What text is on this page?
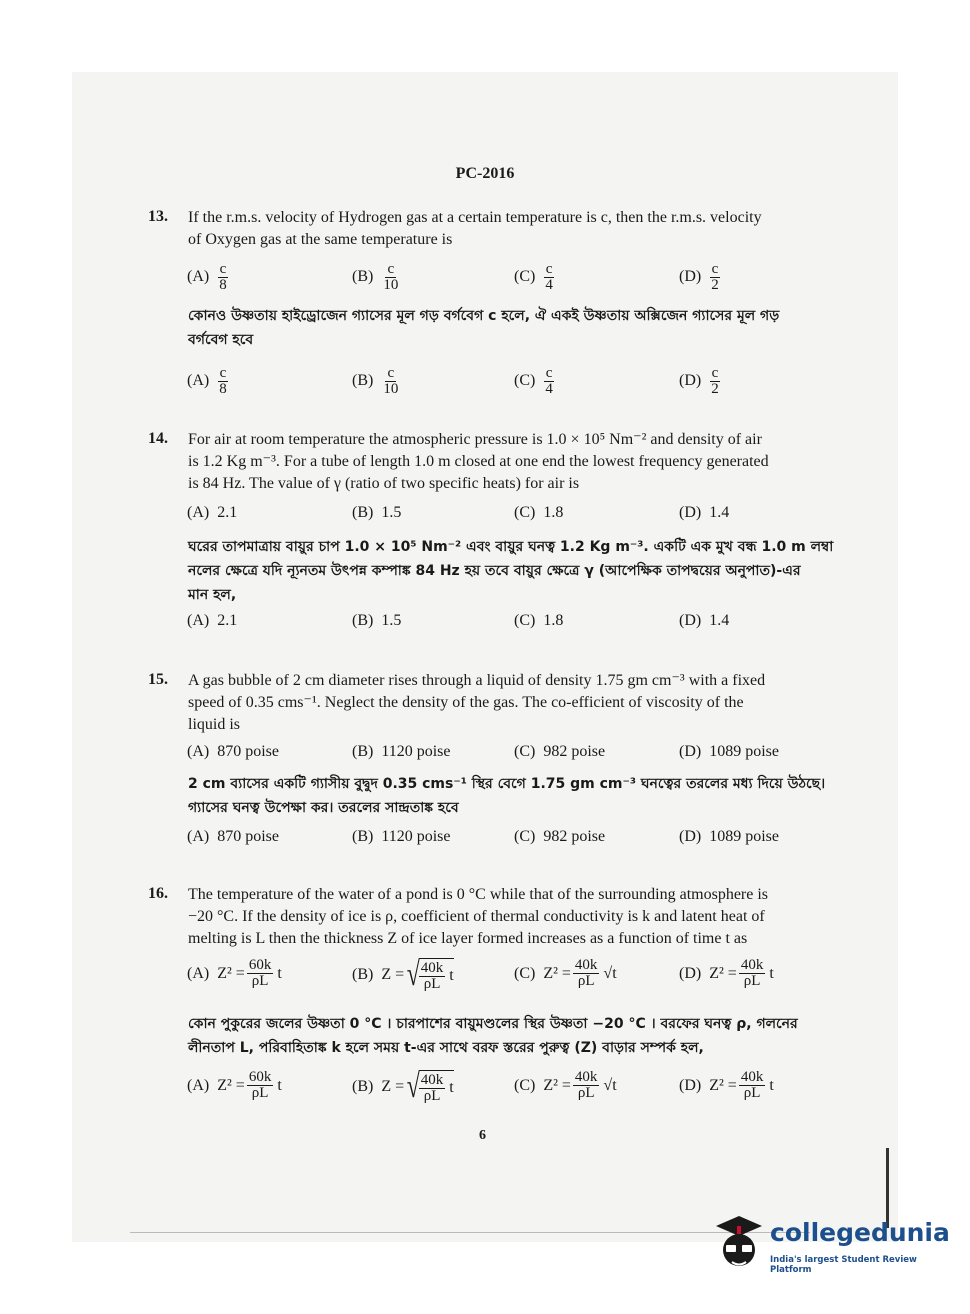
PC-2016
13. If the r.m.s. velocity of Hydrogen gas at a certain temperature is c, then the r.m.s. velocity
of Oxygen gas at the same temperature is
$(A) \frac{c}{8}$	$(B) \frac{c}{10}$	$(C) \frac{c}{4}$	$(D) \frac{c}{2}$
কোনও উষ্ণতায় হাইড্রোজেন গ্যাসের মূল গড় বর্গবেগ c হলে, ঐ একই উষ্ণতায় অক্সিজেন গ্যাসের মূল গড়
বর্গবেগ হবে
$(A) \frac{c}{8}$	$(B) \frac{c}{10}$	$(C) \frac{c}{4}$	$(D) \frac{c}{2}$
14. For air at room temperature the atmospheric pressure is 1.0 × 10⁵ Nm⁻² and density of air
is 1.2 Kg m⁻³. For a tube of length 1.0 m closed at one end the lowest frequency generated
is 84 Hz. The value of γ (ratio of two specific heats) for air is
(A) 2.1	(B) 1.5	(C) 1.8	(D) 1.4
ঘরের তাপমাত্রায় বায়ুর চাপ 1.0 × 10⁵ Nm⁻² এবং বায়ুর ঘনত্ব 1.2 Kg m⁻³. একটি এক মুখ বন্ধ 1.0 m লম্বা
নলের ক্ষেত্রে যদি ন্যূনতম উৎপন্ন কম্পাঙ্ক 84 Hz হয় তবে বায়ুর ক্ষেত্রে γ (আপেক্ষিক তাপদ্বয়ের অনুপাত)-এর
মান হল,
(A) 2.1	(B) 1.5	(C) 1.8	(D) 1.4
15. A gas bubble of 2 cm diameter rises through a liquid of density 1.75 gm cm⁻³ with a fixed
speed of 0.35 cms⁻¹. Neglect the density of the gas. The co-efficient of viscosity of the
liquid is
(A) 870 poise	(B) 1120 poise	(C) 982 poise	(D) 1089 poise
2 cm ব্যাসের একটি গ্যাসীয় বুদ্বুদ 0.35 cms⁻¹ স্থির বেগে 1.75 gm cm⁻³ ঘনত্বের তরলের মধ্য দিয়ে উঠছে।
গ্যাসের ঘনত্ব উপেক্ষা কর। তরলের সান্দ্রতাঙ্ক হবে
(A) 870 poise	(B) 1120 poise	(C) 982 poise	(D) 1089 poise
16. The temperature of the water of a pond is 0 °C while that of the surrounding atmosphere is
−20 °C. If the density of ice is ρ, coefficient of thermal conductivity is k and latent heat of
melting is L then the thickness Z of ice layer formed increases as a function of time t as
(A)
$Z^2 = \frac{60k}{\rho L}$
t	(B)
Z = √
$\frac{40k}{\rho L}$ t	(C)
$Z^2 = \frac{40k}{\rho L}$
√t	(D)
$Z^2 = \frac{40k}{\rho L}$
t
কোন পুকুরের জলের উষ্ণতা 0 °C । চারপাশের বায়ুমণ্ডলের স্থির উষ্ণতা −20 °C । বরফের ঘনত্ব ρ, গলনের
লীনতাপ L, পরিবাহিতাঙ্ক k হলে সময় t-এর সাথে বরফ স্তরের পুরুত্ব (Z) বাড়ার সম্পর্ক হল,
(A)
$Z^2 = \frac{60k}{\rho L}$
t	(B)
Z = √
$\frac{40k}{\rho L}$ t	(C)
$Z^2 = \frac{40k}{\rho L}$
√t	(D)
$Z^2 = \frac{40k}{\rho L}$
t
6
collegedunia
India's largest Student Review Platform
